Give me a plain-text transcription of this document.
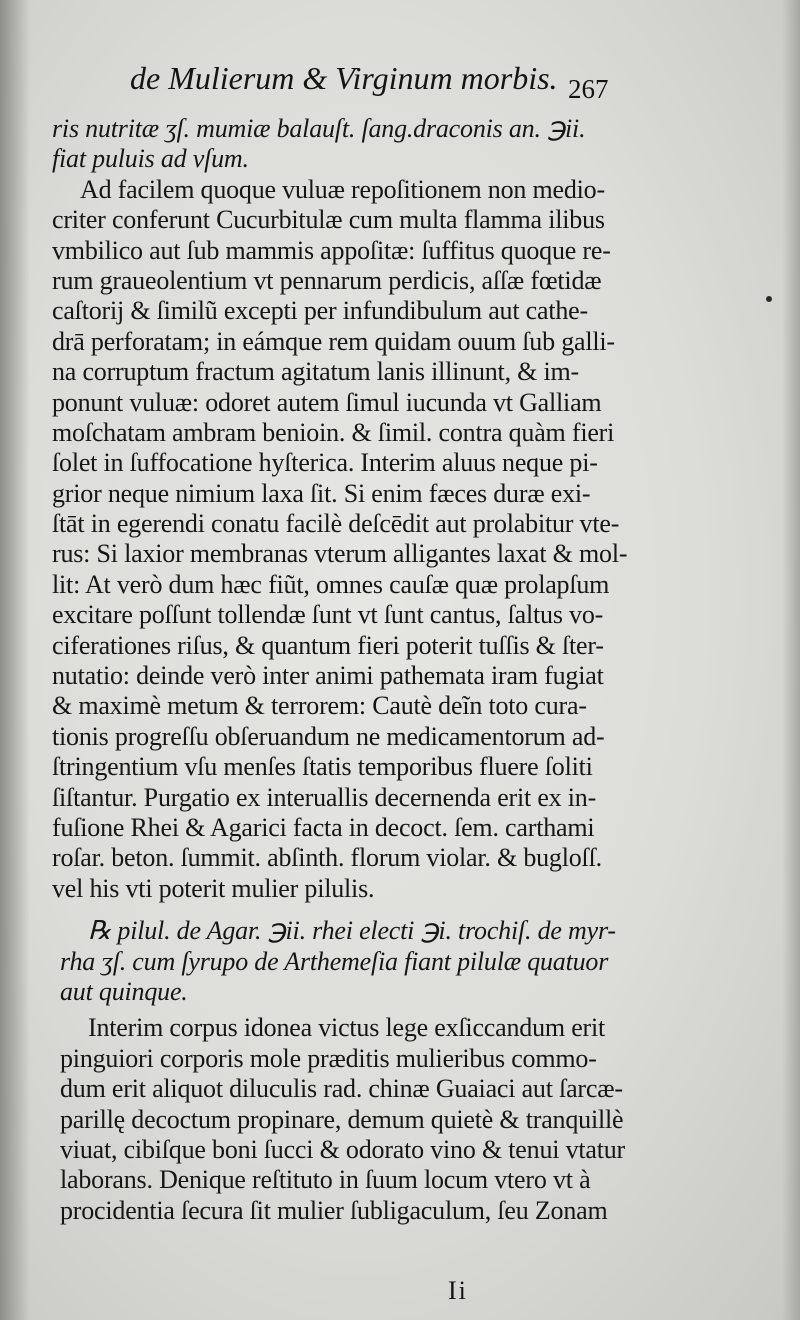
de Mulierum & Virginum morbis. 267
ris nutritæ ʒſ. mumiæ balauſt. ſang.draconis an. ℈ii.
fiat puluis ad vſum.
Ad facilem quoque vuluæ repoſitionem non medio-
criter conferunt Cucurbitulæ cum multa flamma ilibus
vmbilico aut ſub mammis appoſitæ: ſuffitus quoque re-
rum graueolentium vt pennarum perdicis, aſſæ fœtidæ
caſtorij & ſimilũ excepti per infundibulum aut cathe-
drā perforatam; in eámque rem quidam ouum ſub galli-
na corruptum fractum agitatum lanis illinunt, & im-
ponunt vuluæ: odoret autem ſimul iucunda vt Galliam
moſchatam ambram benioin. & ſimil. contra quàm fieri
ſolet in ſuffocatione hyſterica. Interim aluus neque pi-
grior neque nimium laxa ſit. Si enim fæces duræ exi-
ſtāt in egerendi conatu facilè deſcēdit aut prolabitur vte-
rus: Si laxior membranas vterum alligantes laxat & mol-
lit: At verò dum hæc fiũt, omnes cauſæ quæ prolapſum
excitare poſſunt tollendæ ſunt vt ſunt cantus, ſaltus vo-
ciferationes riſus, & quantum fieri poterit tuſſis & ſter-
nutatio: deinde verò inter animi pathemata iram fugiat
& maximè metum & terrorem: Cautè deĩn toto cura-
tionis progreſſu obſeruandum ne medicamentorum ad-
ſtringentium vſu menſes ſtatis temporibus fluere ſoliti
ſiſtantur. Purgatio ex interuallis decernenda erit ex in-
fuſione Rhei & Agarici facta in decoct. ſem. carthami
roſar. beton. ſummit. abſinth. florum violar. & bugloſſ.
vel his vti poterit mulier pilulis.
℞ pilul. de Agar. ℈ii. rhei electi ℈i. trochiſ. de myr-
rha ʒſ. cum ſyrupo de Arthemeſia fiant pilulæ quatuor
aut quinque.
Interim corpus idonea victus lege exſiccandum erit
pinguiori corporis mole præditis mulieribus commo-
dum erit aliquot diluculis rad. chinæ Guaiaci aut ſarcæ-
parillę decoctum propinare, demum quietè & tranquillè
viuat, cibiſque boni ſucci & odorato vino & tenui vtatur
laborans. Denique reſtituto in ſuum locum vtero vt à
procidentia ſecura ſit mulier ſubligaculum, ſeu Zonam
Ii
